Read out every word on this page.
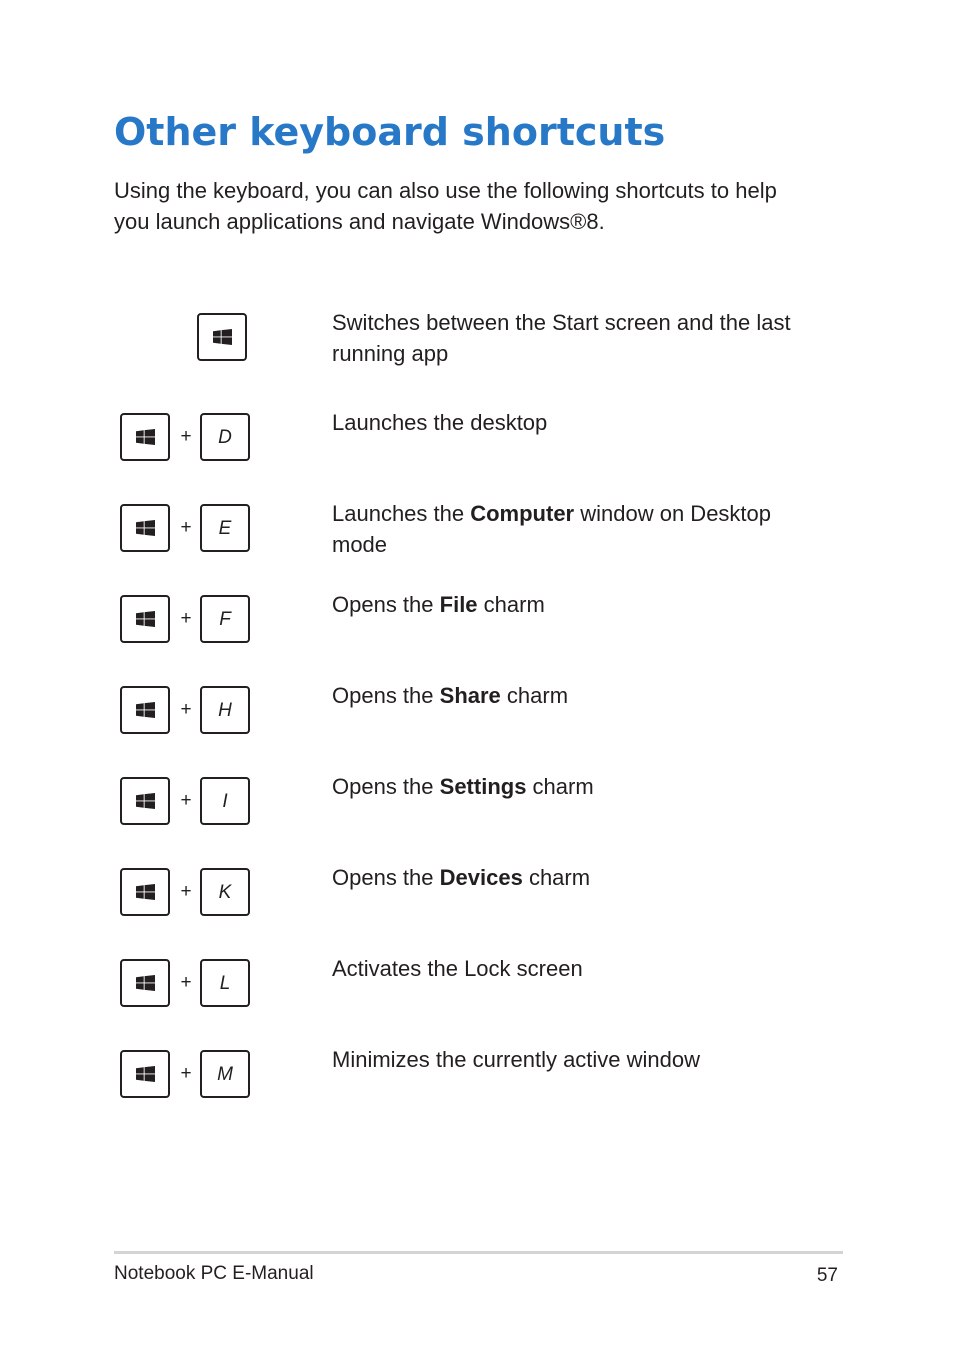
Other keyboard shortcuts

Using the keyboard, you can also use the following shortcuts to help
you launch applications and navigate Windows®8.

Switches between the Start screen and the last
running app

+ D

Launches the desktop

+ E

Launches the Computer window on Desktop
mode

+ F

Opens the File charm

+ H

Opens the Share charm

+ I

Opens the Settings charm

+ K

Opens the Devices charm

+ L

Activates the Lock screen

+ M

Minimizes the currently active window

Notebook PC E-Manual	57
